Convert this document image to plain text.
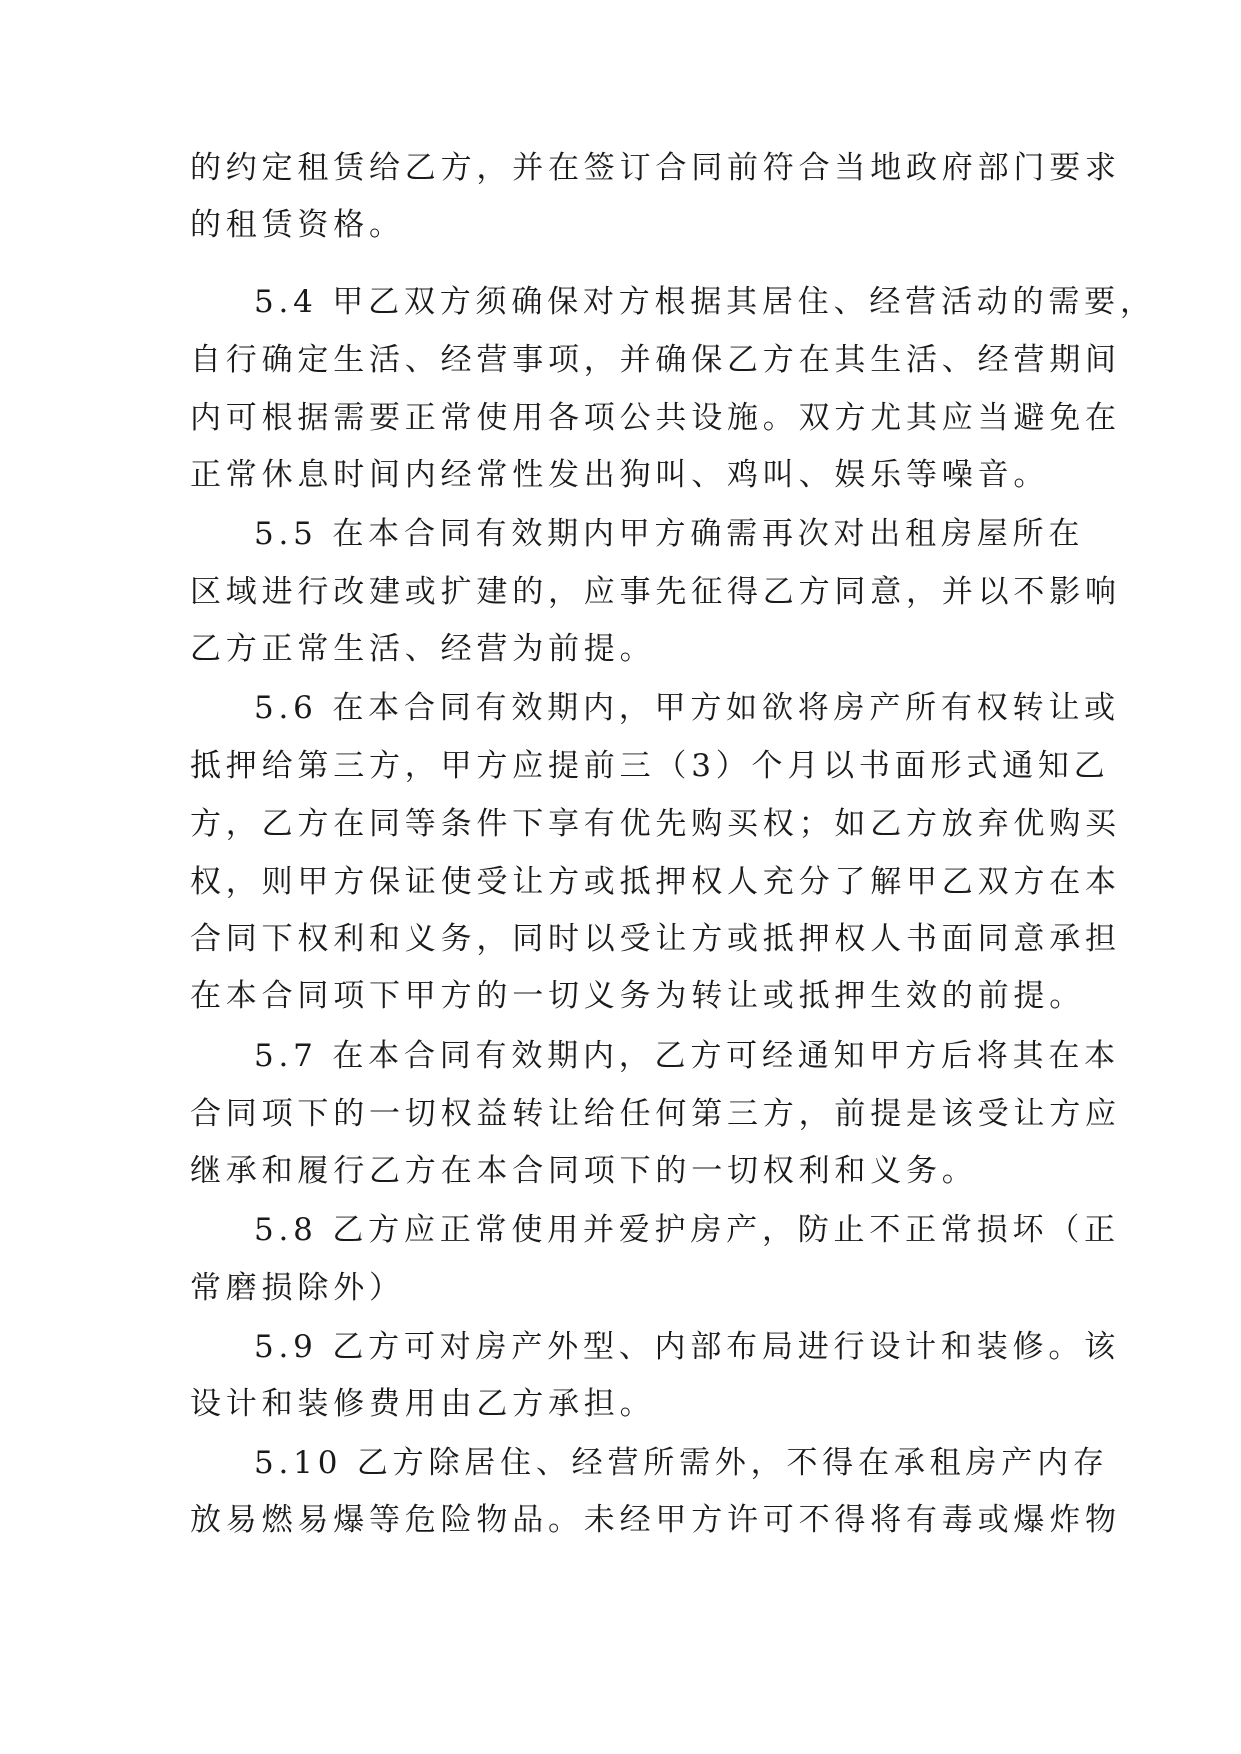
的约定租赁给乙方，并在签订合同前符合当地政府部门要求
的租赁资格。
5.4 甲乙双方须确保对方根据其居住、经营活动的需要，
自行确定生活、经营事项，并确保乙方在其生活、经营期间
内可根据需要正常使用各项公共设施。双方尤其应当避免在
正常休息时间内经常性发出狗叫、鸡叫、娱乐等噪音。
5.5 在本合同有效期内甲方确需再次对出租房屋所在
区域进行改建或扩建的，应事先征得乙方同意，并以不影响
乙方正常生活、经营为前提。
5.6 在本合同有效期内，甲方如欲将房产所有权转让或
抵押给第三方，甲方应提前三（3）个月以书面形式通知乙
方，乙方在同等条件下享有优先购买权；如乙方放弃优购买
权，则甲方保证使受让方或抵押权人充分了解甲乙双方在本
合同下权利和义务，同时以受让方或抵押权人书面同意承担
在本合同项下甲方的一切义务为转让或抵押生效的前提。
5.7 在本合同有效期内，乙方可经通知甲方后将其在本
合同项下的一切权益转让给任何第三方，前提是该受让方应
继承和履行乙方在本合同项下的一切权利和义务。
5.8 乙方应正常使用并爱护房产，防止不正常损坏（正
常磨损除外）
5.9 乙方可对房产外型、内部布局进行设计和装修。该
设计和装修费用由乙方承担。
5.10 乙方除居住、经营所需外，不得在承租房产内存
放易燃易爆等危险物品。未经甲方许可不得将有毒或爆炸物
